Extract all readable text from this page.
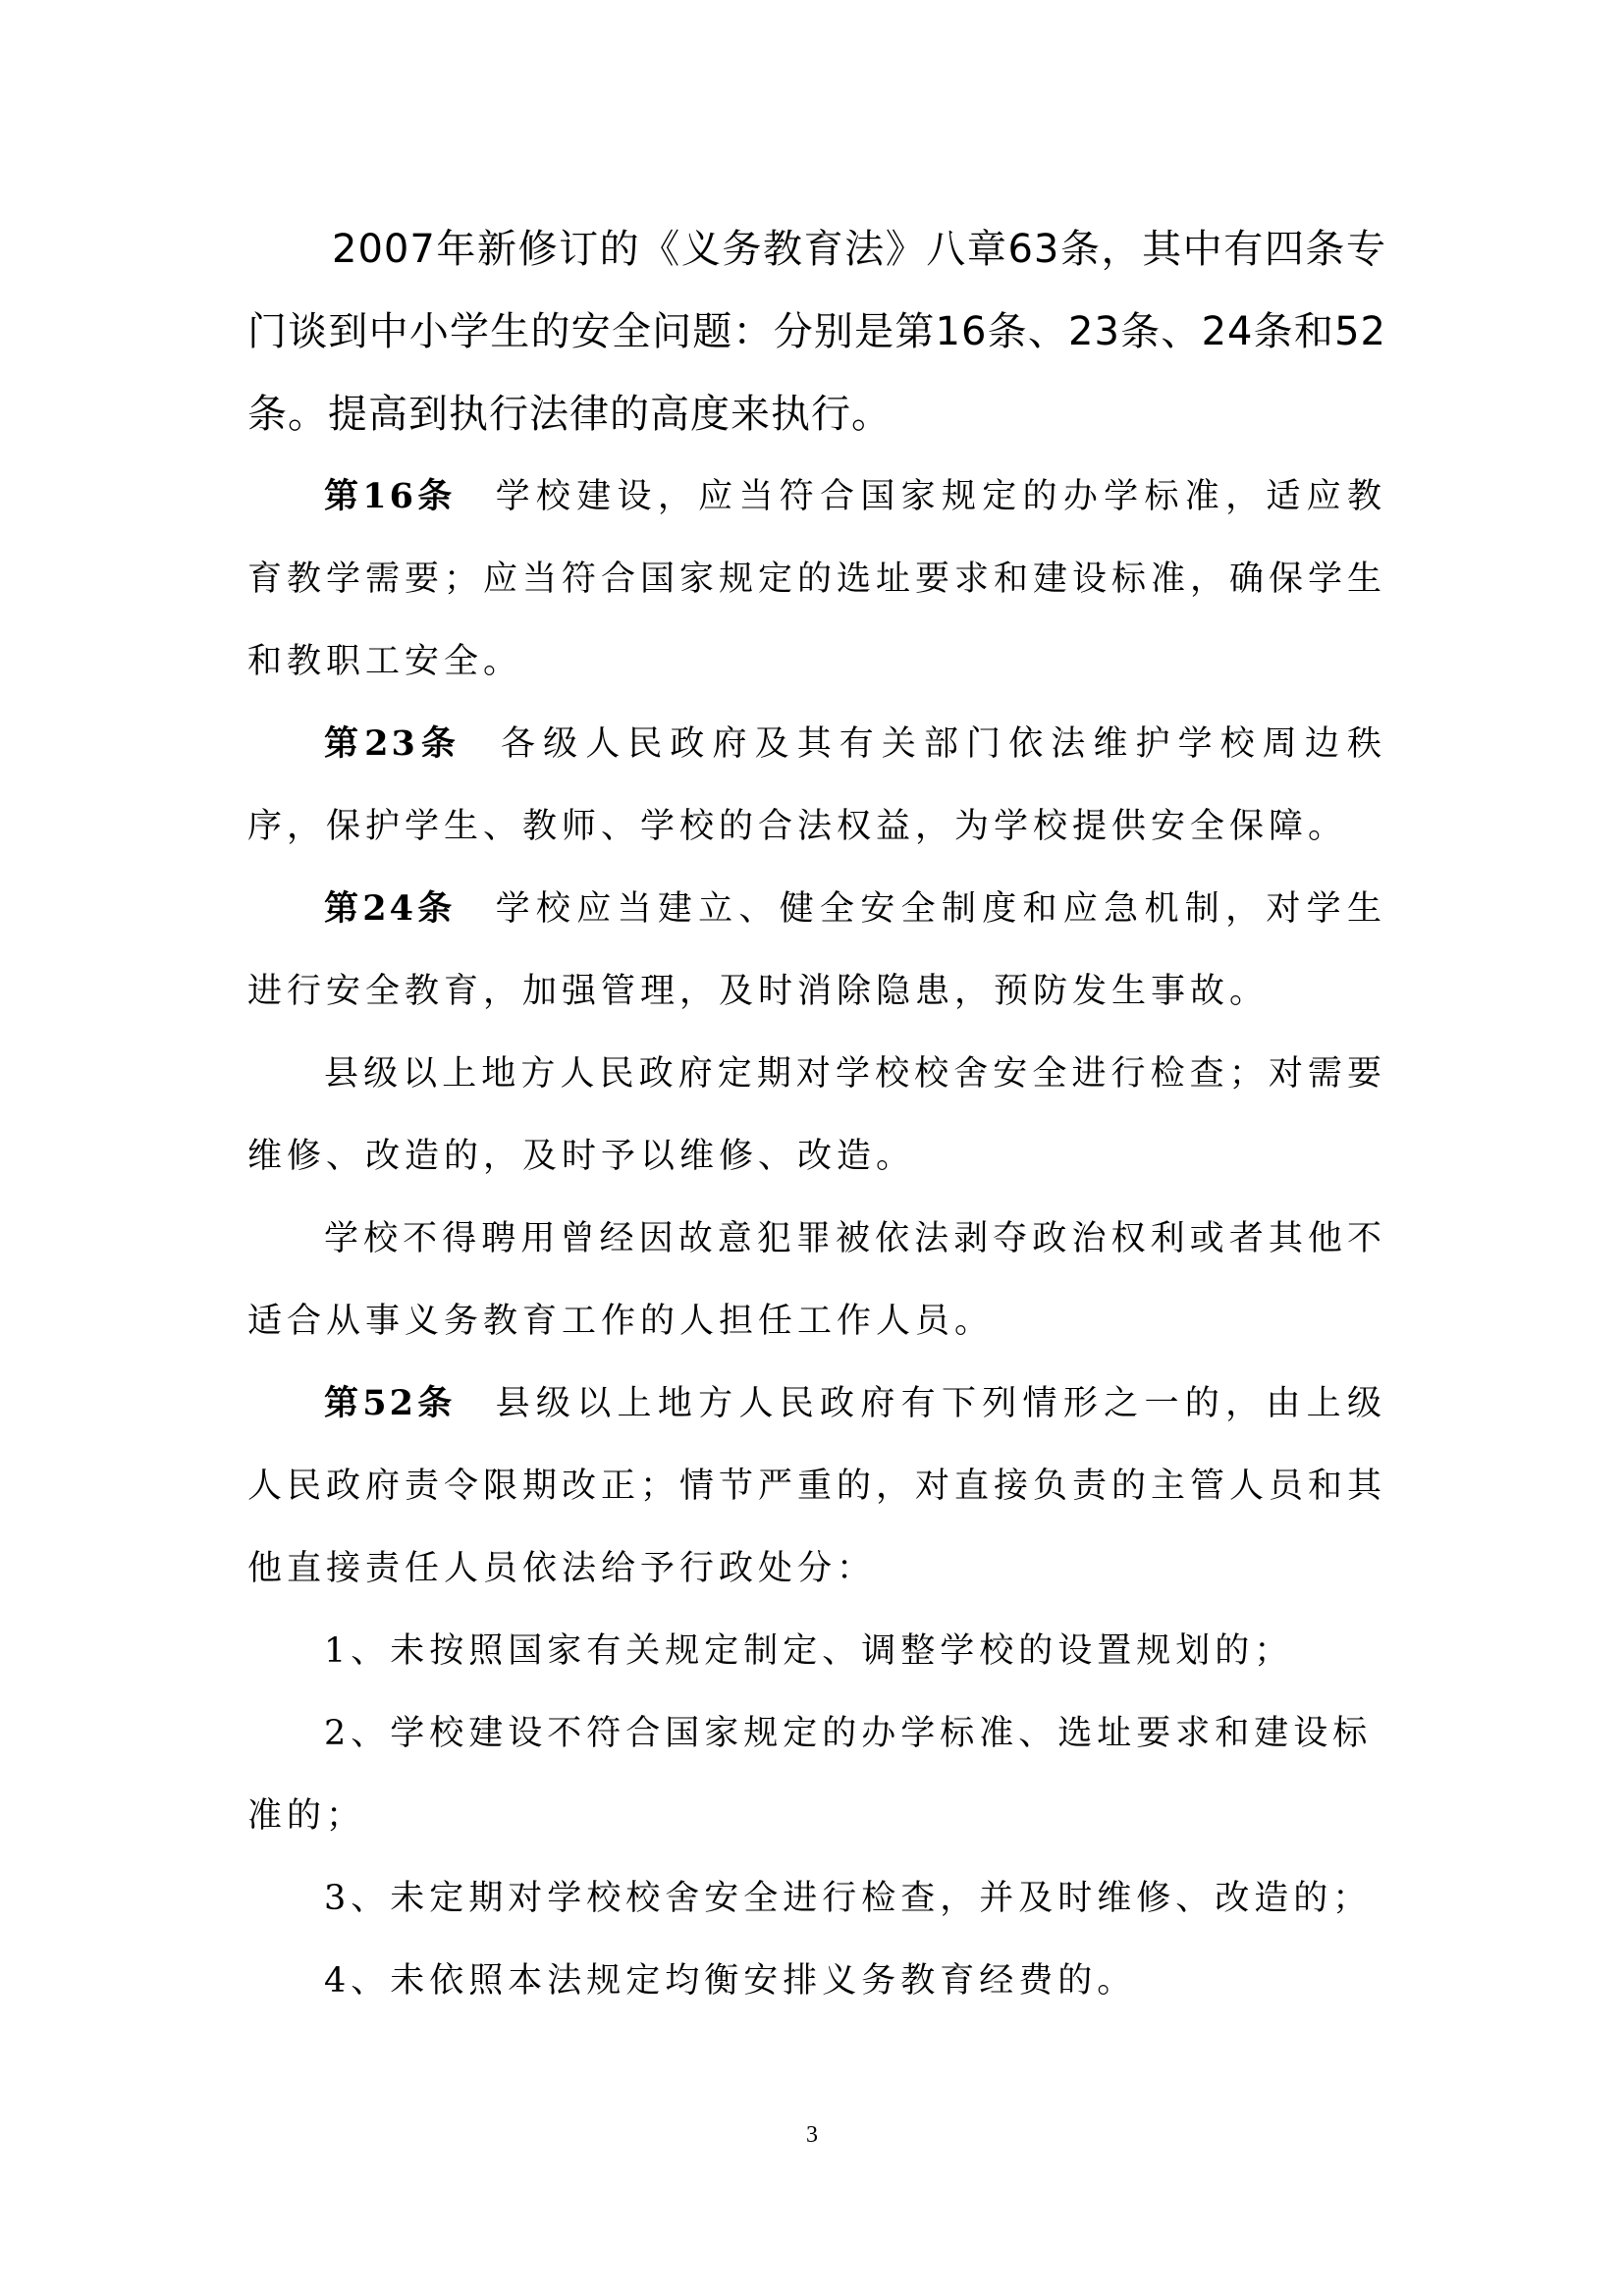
2007年新修订的《义务教育法》八章63条，其中有四条专门谈到中小学生的安全问题：分别是第16条、23条、24条和52条。提高到执行法律的高度来执行。

第16条 学校建设，应当符合国家规定的办学标准，适应教育教学需要；应当符合国家规定的选址要求和建设标准，确保学生和教职工安全。

第23条 各级人民政府及其有关部门依法维护学校周边秩序，保护学生、教师、学校的合法权益，为学校提供安全保障。

第24条 学校应当建立、健全安全制度和应急机制，对学生进行安全教育，加强管理，及时消除隐患，预防发生事故。

县级以上地方人民政府定期对学校校舍安全进行检查；对需要维修、改造的，及时予以维修、改造。

学校不得聘用曾经因故意犯罪被依法剥夺政治权利或者其他不适合从事义务教育工作的人担任工作人员。

第52条 县级以上地方人民政府有下列情形之一的，由上级人民政府责令限期改正；情节严重的，对直接负责的主管人员和其他直接责任人员依法给予行政处分：

1、未按照国家有关规定制定、调整学校的设置规划的；

2、学校建设不符合国家规定的办学标准、选址要求和建设标准的；

3、未定期对学校校舍安全进行检查，并及时维修、改造的；

4、未依照本法规定均衡安排义务教育经费的。

3
